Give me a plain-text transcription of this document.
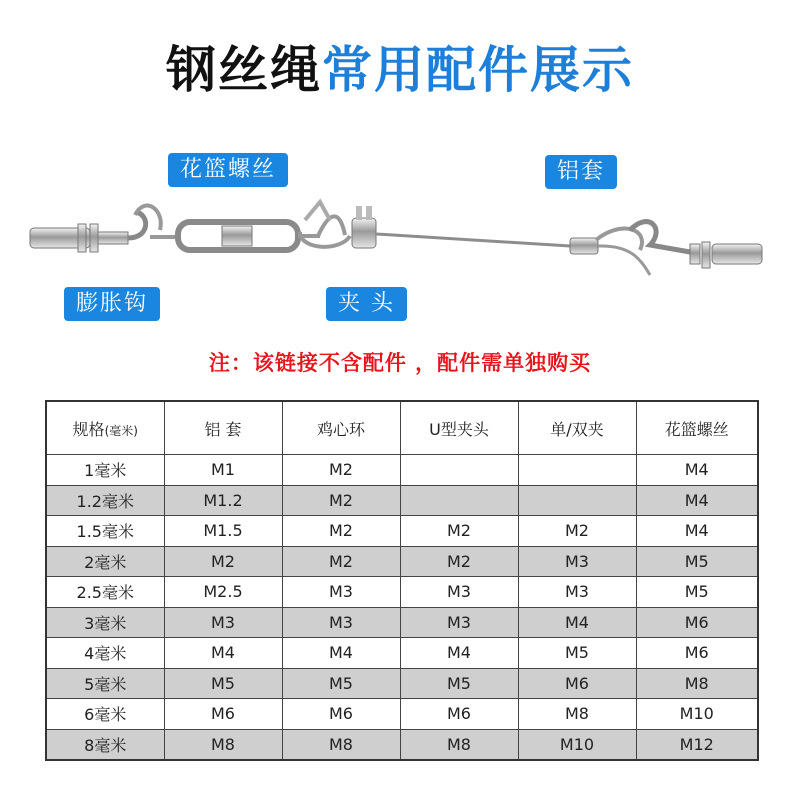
钢丝绳常用配件展示
花篮螺丝	铝套
膨胀钩	夹 头
注：该链接不含配件 ，配件需单独购买
规格(毫米)	铝 套	鸡心环	U型夹头	单/双夹	花篮螺丝
1毫米	M1	M2			M4
1.2毫米	M1.2	M2			M4
1.5毫米	M1.5	M2	M2	M2	M4
2毫米	M2	M2	M2	M3	M5
2.5毫米	M2.5	M3	M3	M3	M5
3毫米	M3	M3	M3	M4	M6
4毫米	M4	M4	M4	M5	M6
5毫米	M5	M5	M5	M6	M8
6毫米	M6	M6	M6	M8	M10
8毫米	M8	M8	M8	M10	M12
